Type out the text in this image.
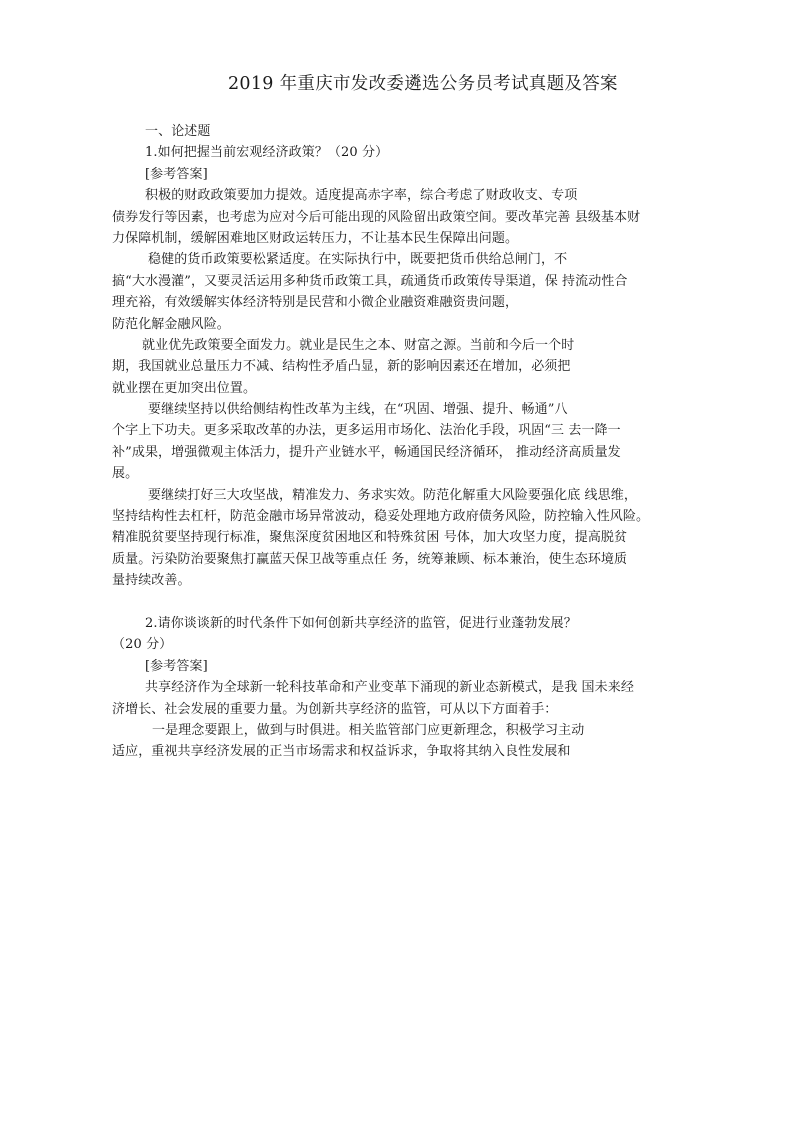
2019 年重庆市发改委遴选公务员考试真题及答案
一、论述题
1.如何把握当前宏观经济政策？（20 分）
[参考答案]
积极的财政政策要加力提效。适度提高赤字率，综合考虑了财政收支、专项
债券发行等因素，也考虑为应对今后可能出现的风险留出政策空间。要改革完善 县级基本财
力保障机制，缓解困难地区财政运转压力，不让基本民生保障出问题。
稳健的货币政策要松紧适度。在实际执行中，既要把货币供给总闸门，不
搞“大水漫灌”，又要灵活运用多种货币政策工具，疏通货币政策传导渠道，保 持流动性合
理充裕，有效缓解实体经济特别是民营和小微企业融资难融资贵问题，
防范化解金融风险。
就业优先政策要全面发力。就业是民生之本、财富之源。当前和今后一个时
期，我国就业总量压力不减、结构性矛盾凸显，新的影响因素还在增加，必须把
就业摆在更加突出位置。
要继续坚持以供给侧结构性改革为主线，在“巩固、增强、提升、畅通”八
个字上下功夫。更多采取改革的办法，更多运用市场化、法治化手段，巩固“三 去一降一
补”成果，增强微观主体活力，提升产业链水平，畅通国民经济循环， 推动经济高质量发
展。
要继续打好三大攻坚战，精准发力、务求实效。防范化解重大风险要强化底 线思维，
坚持结构性去杠杆，防范金融市场异常波动，稳妥处理地方政府债务风险，防控输入性风险。
精准脱贫要坚持现行标准，聚焦深度贫困地区和特殊贫困 号体，加大攻坚力度，提高脱贫
质量。污染防治要聚焦打赢蓝天保卫战等重点任 务，统筹兼顾、标本兼治，使生态环境质
量持续改善。
2.请你谈谈新的时代条件下如何创新共享经济的监管，促进行业蓬勃发展？
（20 分）
[参考答案]
共享经济作为全球新一轮科技革命和产业变革下涌现的新业态新模式，是我 国未来经
济增长、社会发展的重要力量。为创新共享经济的监管，可从以下方面着手：
一是理念要跟上，做到与时俱进。相关监管部门应更新理念，积极学习主动
适应，重视共享经济发展的正当市场需求和权益诉求，争取将其纳入良性发展和
